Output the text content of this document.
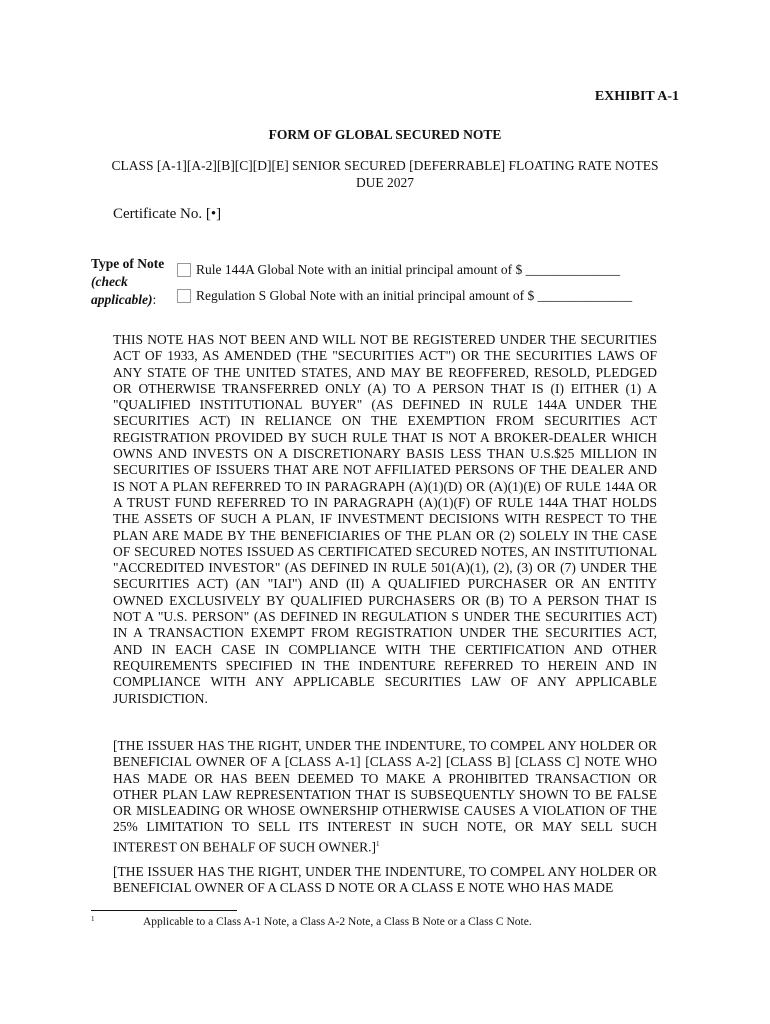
EXHIBIT A-1
FORM OF GLOBAL SECURED NOTE
CLASS [A-1][A-2][B][C][D][E] SENIOR SECURED [DEFERRABLE] FLOATING RATE NOTES DUE 2027
Certificate No. [•]
Type of Note
(check applicable):
Rule 144A Global Note with an initial principal amount of $ ______________
Regulation S Global Note with an initial principal amount of $ ______________
THIS NOTE HAS NOT BEEN AND WILL NOT BE REGISTERED UNDER THE SECURITIES ACT OF 1933, AS AMENDED (THE "SECURITIES ACT") OR THE SECURITIES LAWS OF ANY STATE OF THE UNITED STATES, AND MAY BE REOFFERED, RESOLD, PLEDGED OR OTHERWISE TRANSFERRED ONLY (A) TO A PERSON THAT IS (I) EITHER (1) A "QUALIFIED INSTITUTIONAL BUYER" (AS DEFINED IN RULE 144A UNDER THE SECURITIES ACT) IN RELIANCE ON THE EXEMPTION FROM SECURITIES ACT REGISTRATION PROVIDED BY SUCH RULE THAT IS NOT A BROKER-DEALER WHICH OWNS AND INVESTS ON A DISCRETIONARY BASIS LESS THAN U.S.$25 MILLION IN SECURITIES OF ISSUERS THAT ARE NOT AFFILIATED PERSONS OF THE DEALER AND IS NOT A PLAN REFERRED TO IN PARAGRAPH (A)(1)(D) OR (A)(1)(E) OF RULE 144A OR A TRUST FUND REFERRED TO IN PARAGRAPH (A)(1)(F) OF RULE 144A THAT HOLDS THE ASSETS OF SUCH A PLAN, IF INVESTMENT DECISIONS WITH RESPECT TO THE PLAN ARE MADE BY THE BENEFICIARIES OF THE PLAN OR (2) SOLELY IN THE CASE OF SECURED NOTES ISSUED AS CERTIFICATED SECURED NOTES, AN INSTITUTIONAL "ACCREDITED INVESTOR" (AS DEFINED IN RULE 501(A)(1), (2), (3) OR (7) UNDER THE SECURITIES ACT) (AN "IAI") AND (II) A QUALIFIED PURCHASER OR AN ENTITY OWNED EXCLUSIVELY BY QUALIFIED PURCHASERS OR (B) TO A PERSON THAT IS NOT A "U.S. PERSON" (AS DEFINED IN REGULATION S UNDER THE SECURITIES ACT) IN A TRANSACTION EXEMPT FROM REGISTRATION UNDER THE SECURITIES ACT, AND IN EACH CASE IN COMPLIANCE WITH THE CERTIFICATION AND OTHER REQUIREMENTS SPECIFIED IN THE INDENTURE REFERRED TO HEREIN AND IN COMPLIANCE WITH ANY APPLICABLE SECURITIES LAW OF ANY APPLICABLE JURISDICTION.
[THE ISSUER HAS THE RIGHT, UNDER THE INDENTURE, TO COMPEL ANY HOLDER OR BENEFICIAL OWNER OF A [CLASS A-1] [CLASS A-2] [CLASS B] [CLASS C] NOTE WHO HAS MADE OR HAS BEEN DEEMED TO MAKE A PROHIBITED TRANSACTION OR OTHER PLAN LAW REPRESENTATION THAT IS SUBSEQUENTLY SHOWN TO BE FALSE OR MISLEADING OR WHOSE OWNERSHIP OTHERWISE CAUSES A VIOLATION OF THE 25% LIMITATION TO SELL ITS INTEREST IN SUCH NOTE, OR MAY SELL SUCH INTEREST ON BEHALF OF SUCH OWNER.]$^1$
[THE ISSUER HAS THE RIGHT, UNDER THE INDENTURE, TO COMPEL ANY HOLDER OR BENEFICIAL OWNER OF A CLASS D NOTE OR A CLASS E NOTE WHO HAS MADE
1	Applicable to a Class A-1 Note, a Class A-2 Note, a Class B Note or a Class C Note.
